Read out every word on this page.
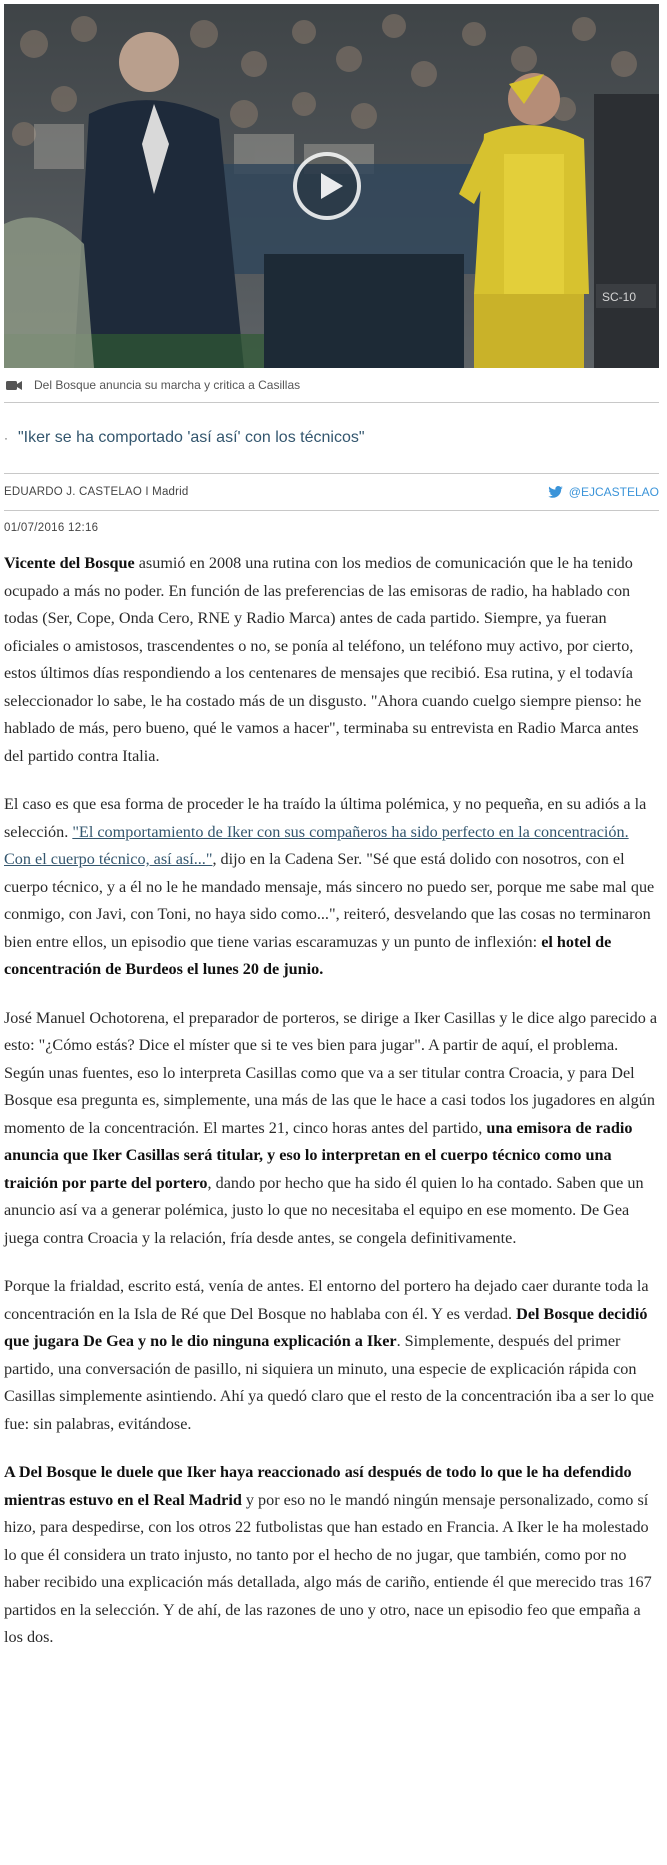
SC-10
Del Bosque anuncia su marcha y critica a Casillas
· "Iker se ha comportado 'así así' con los técnicos"
EDUARDO J. CASTELAO I Madrid	@EJCASTELAO
01/07/2016 12:16

Vicente del Bosque asumió en 2008 una rutina con los medios de comunicación que le ha tenido ocupado a más no poder. En función de las preferencias de las emisoras de radio, ha hablado con todas (Ser, Cope, Onda Cero, RNE y Radio Marca) antes de cada partido. Siempre, ya fueran oficiales o amistosos, trascendentes o no, se ponía al teléfono, un teléfono muy activo, por cierto, estos últimos días respondiendo a los centenares de mensajes que recibió. Esa rutina, y el todavía seleccionador lo sabe, le ha costado más de un disgusto. "Ahora cuando cuelgo siempre pienso: he hablado de más, pero bueno, qué le vamos a hacer", terminaba su entrevista en Radio Marca antes del partido contra Italia.

El caso es que esa forma de proceder le ha traído la última polémica, y no pequeña, en su adiós a la selección. "El comportamiento de Iker con sus compañeros ha sido perfecto en la concentración. Con el cuerpo técnico, así así...", dijo en la Cadena Ser. "Sé que está dolido con nosotros, con el cuerpo técnico, y a él no le he mandado mensaje, más sincero no puedo ser, porque me sabe mal que conmigo, con Javi, con Toni, no haya sido como...", reiteró, desvelando que las cosas no terminaron bien entre ellos, un episodio que tiene varias escaramuzas y un punto de inflexión: el hotel de concentración de Burdeos el lunes 20 de junio.

José Manuel Ochotorena, el preparador de porteros, se dirige a Iker Casillas y le dice algo parecido a esto: "¿Cómo estás? Dice el míster que si te ves bien para jugar". A partir de aquí, el problema. Según unas fuentes, eso lo interpreta Casillas como que va a ser titular contra Croacia, y para Del Bosque esa pregunta es, simplemente, una más de las que le hace a casi todos los jugadores en algún momento de la concentración. El martes 21, cinco horas antes del partido, una emisora de radio anuncia que Iker Casillas será titular, y eso lo interpretan en el cuerpo técnico como una traición por parte del portero, dando por hecho que ha sido él quien lo ha contado. Saben que un anuncio así va a generar polémica, justo lo que no necesitaba el equipo en ese momento. De Gea juega contra Croacia y la relación, fría desde antes, se congela definitivamente.

Porque la frialdad, escrito está, venía de antes. El entorno del portero ha dejado caer durante toda la concentración en la Isla de Ré que Del Bosque no hablaba con él. Y es verdad. Del Bosque decidió que jugara De Gea y no le dio ninguna explicación a Iker. Simplemente, después del primer partido, una conversación de pasillo, ni siquiera un minuto, una especie de explicación rápida con Casillas simplemente asintiendo. Ahí ya quedó claro que el resto de la concentración iba a ser lo que fue: sin palabras, evitándose.

A Del Bosque le duele que Iker haya reaccionado así después de todo lo que le ha defendido mientras estuvo en el Real Madrid y por eso no le mandó ningún mensaje personalizado, como sí hizo, para despedirse, con los otros 22 futbolistas que han estado en Francia. A Iker le ha molestado lo que él considera un trato injusto, no tanto por el hecho de no jugar, que también, como por no haber recibido una explicación más detallada, algo más de cariño, entiende él que merecido tras 167 partidos en la selección. Y de ahí, de las razones de uno y otro, nace un episodio feo que empaña a los dos.
